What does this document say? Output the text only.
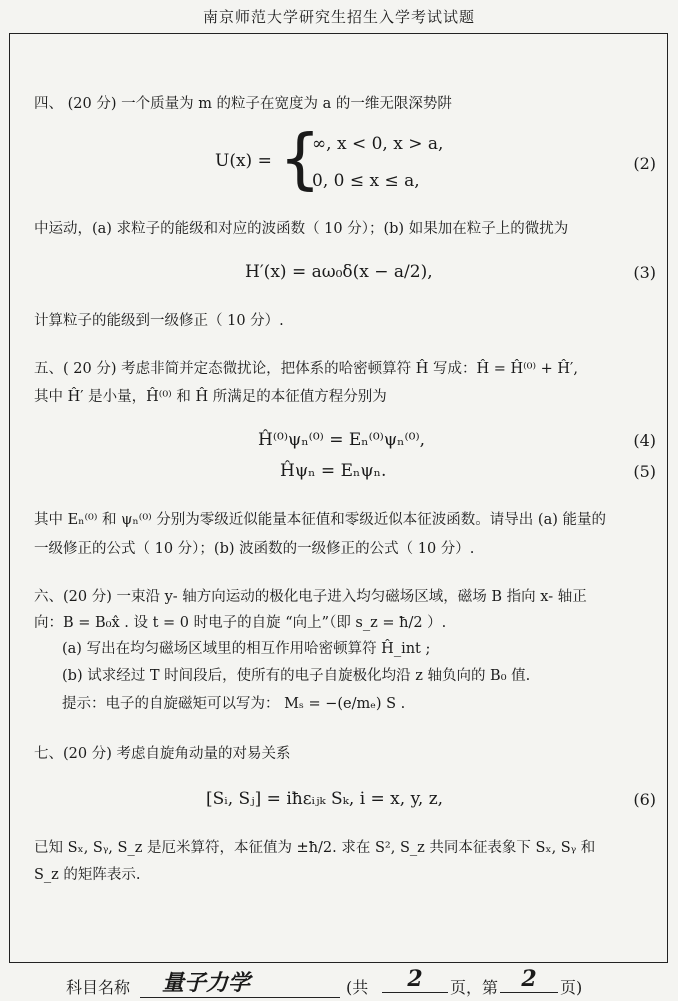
南京师范大学研究生招生入学考试试题
四、 (20 分) 一个质量为 m 的粒子在宽度为 a 的一维无限深势阱
U(x) = {
∞, x < 0, x > a,
0, 0 ≤ x ≤ a,
(2)
中运动，(a) 求粒子的能级和对应的波函数（ 10 分）；(b) 如果加在粒子上的微扰为
H′(x) = aω₀δ(x − a/2),	(3)
计算粒子的能级到一级修正（ 10 分）.
五、( 20 分) 考虑非简并定态微扰论，把体系的哈密顿算符 Ĥ 写成：Ĥ = Ĥ⁽⁰⁾ + Ĥ′,
其中 Ĥ′ 是小量，Ĥ⁽⁰⁾ 和 Ĥ 所满足的本征值方程分别为
Ĥ⁽⁰⁾ψₙ⁽⁰⁾ = Eₙ⁽⁰⁾ψₙ⁽⁰⁾,	(4)
Ĥψₙ = Eₙψₙ.	(5)
其中 Eₙ⁽⁰⁾ 和 ψₙ⁽⁰⁾ 分别为零级近似能量本征值和零级近似本征波函数。请导出 (a) 能量的
一级修正的公式（ 10 分）；(b) 波函数的一级修正的公式（ 10 分）.
六、(20 分) 一束沿 y- 轴方向运动的极化电子进入均匀磁场区域，磁场 B 指向 x- 轴正
向：B = B₀x̂ . 设 t = 0 时电子的自旋 “向上”（即 s_z = ħ/2 ）.
(a) 写出在均匀磁场区域里的相互作用哈密顿算符 Ĥ_int ;
(b) 试求经过 T 时间段后，使所有的电子自旋极化均沿 z 轴负向的 B₀ 值.
提示：电子的自旋磁矩可以写为： Mₛ = −(e/mₑ) S .
七、(20 分) 考虑自旋角动量的对易关系
[Sᵢ, Sⱼ] = iħεᵢⱼₖ Sₖ, i = x, y, z,	(6)
已知 Sₓ, Sᵧ, S_z 是厄米算符，本征值为 ±ħ/2. 求在 S², S_z 共同本征表象下 Sₓ, Sᵧ 和
S_z 的矩阵表示.
科目名称	量子力学	(共	2	页，第	2	页)
